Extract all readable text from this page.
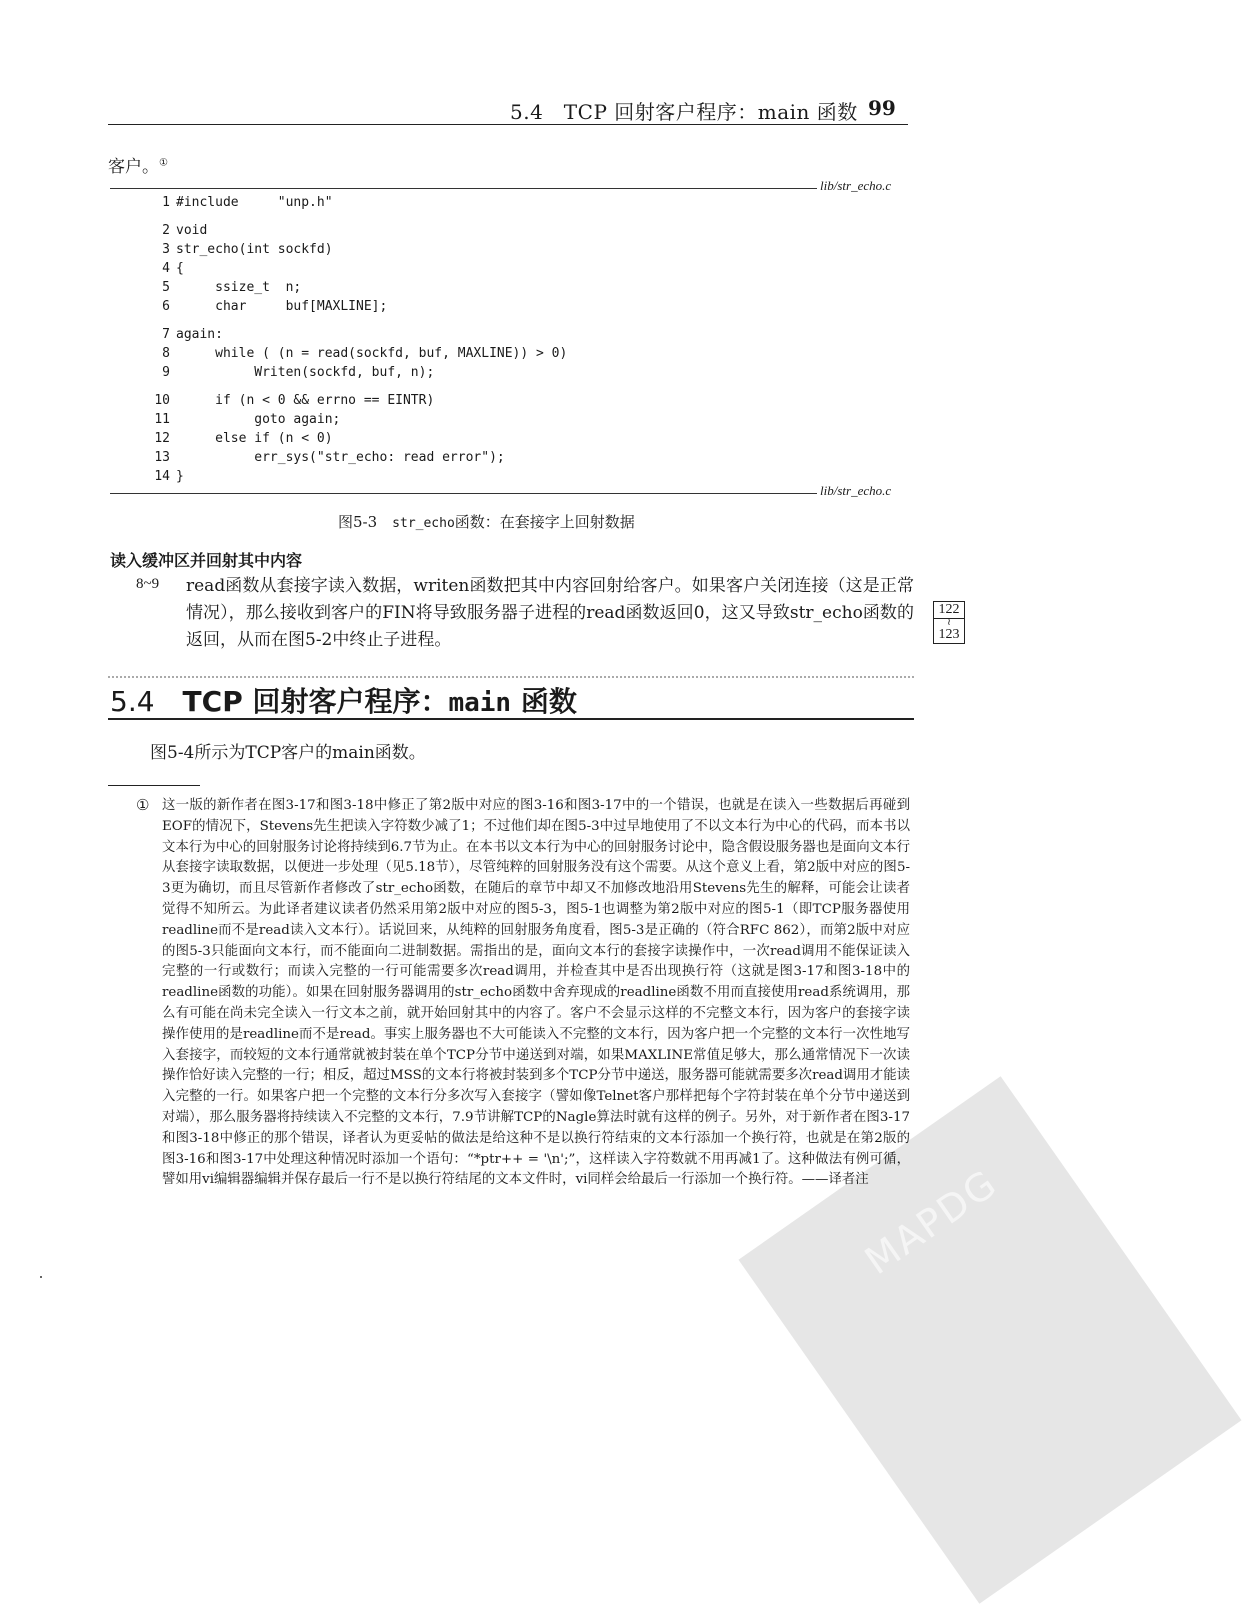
MAPDG
5.4　TCP 回射客户程序：main 函数 99
客户。①
lib/str_echo.c
1 #include     "unp.h"
2 void
3 str_echo(int sockfd)
4 {
5     ssize_t  n;
6     char     buf[MAXLINE];
7 again:
8     while ( (n = read(sockfd, buf, MAXLINE)) > 0)
9          Writen(sockfd, buf, n);
10     if (n < 0 && errno == EINTR)
11          goto again;
12     else if (n < 0)
13          err_sys("str_echo: read error");
14 }
lib/str_echo.c
图5-3　 str_echo函数：在套接字上回射数据
读入缓冲区并回射其中内容
8~9 read函数从套接字读入数据，writen函数把其中内容回射给客户。如果客户关闭连接（这是正常情况），那么接收到客户的FIN将导致服务器子进程的read函数返回0，这又导致str_echo函数的返回，从而在图5-2中终止子进程。
122
≀
123
5.4　 TCP 回射客户程序：main 函数
图5-4所示为TCP客户的main函数。
① 这一版的新作者在图3-17和图3-18中修正了第2版中对应的图3-16和图3-17中的一个错误，也就是在读入一些数据后再碰到EOF的情况下，Stevens先生把读入字符数少减了1；不过他们却在图5-3中过早地使用了不以文本行为中心的代码，而本书以文本行为中心的回射服务讨论将持续到6.7节为止。在本书以文本行为中心的回射服务讨论中，隐含假设服务器也是面向文本行从套接字读取数据，以便进一步处理（见5.18节），尽管纯粹的回射服务没有这个需要。从这个意义上看，第2版中对应的图5-3更为确切，而且尽管新作者修改了str_echo函数，在随后的章节中却又不加修改地沿用Stevens先生的解释，可能会让读者觉得不知所云。为此译者建议读者仍然采用第2版中对应的图5-3，图5-1也调整为第2版中对应的图5-1（即TCP服务器使用readline而不是read读入文本行）。话说回来，从纯粹的回射服务角度看，图5-3是正确的（符合RFC 862），而第2版中对应的图5-3只能面向文本行，而不能面向二进制数据。需指出的是，面向文本行的套接字读操作中，一次read调用不能保证读入完整的一行或数行；而读入完整的一行可能需要多次read调用，并检查其中是否出现换行符（这就是图3-17和图3-18中的readline函数的功能）。如果在回射服务器调用的str_echo函数中舍弃现成的readline函数不用而直接使用read系统调用，那么有可能在尚未完全读入一行文本之前，就开始回射其中的内容了。客户不会显示这样的不完整文本行，因为客户的套接字读操作使用的是readline而不是read。事实上服务器也不大可能读入不完整的文本行，因为客户把一个完整的文本行一次性地写入套接字，而较短的文本行通常就被封装在单个TCP分节中递送到对端，如果MAXLINE常值足够大，那么通常情况下一次读操作恰好读入完整的一行；相反，超过MSS的文本行将被封装到多个TCP分节中递送，服务器可能就需要多次read调用才能读入完整的一行。如果客户把一个完整的文本行分多次写入套接字（譬如像Telnet客户那样把每个字符封装在单个分节中递送到对端），那么服务器将持续读入不完整的文本行，7.9节讲解TCP的Nagle算法时就有这样的例子。另外，对于新作者在图3-17和图3-18中修正的那个错误，译者认为更妥帖的做法是给这种不是以换行符结束的文本行添加一个换行符，也就是在第2版的图3-16和图3-17中处理这种情况时添加一个语句：“*ptr++ = '\n';”，这样读入字符数就不用再减1了。这种做法有例可循，譬如用vi编辑器编辑并保存最后一行不是以换行符结尾的文本文件时，vi同样会给最后一行添加一个换行符。——译者注
